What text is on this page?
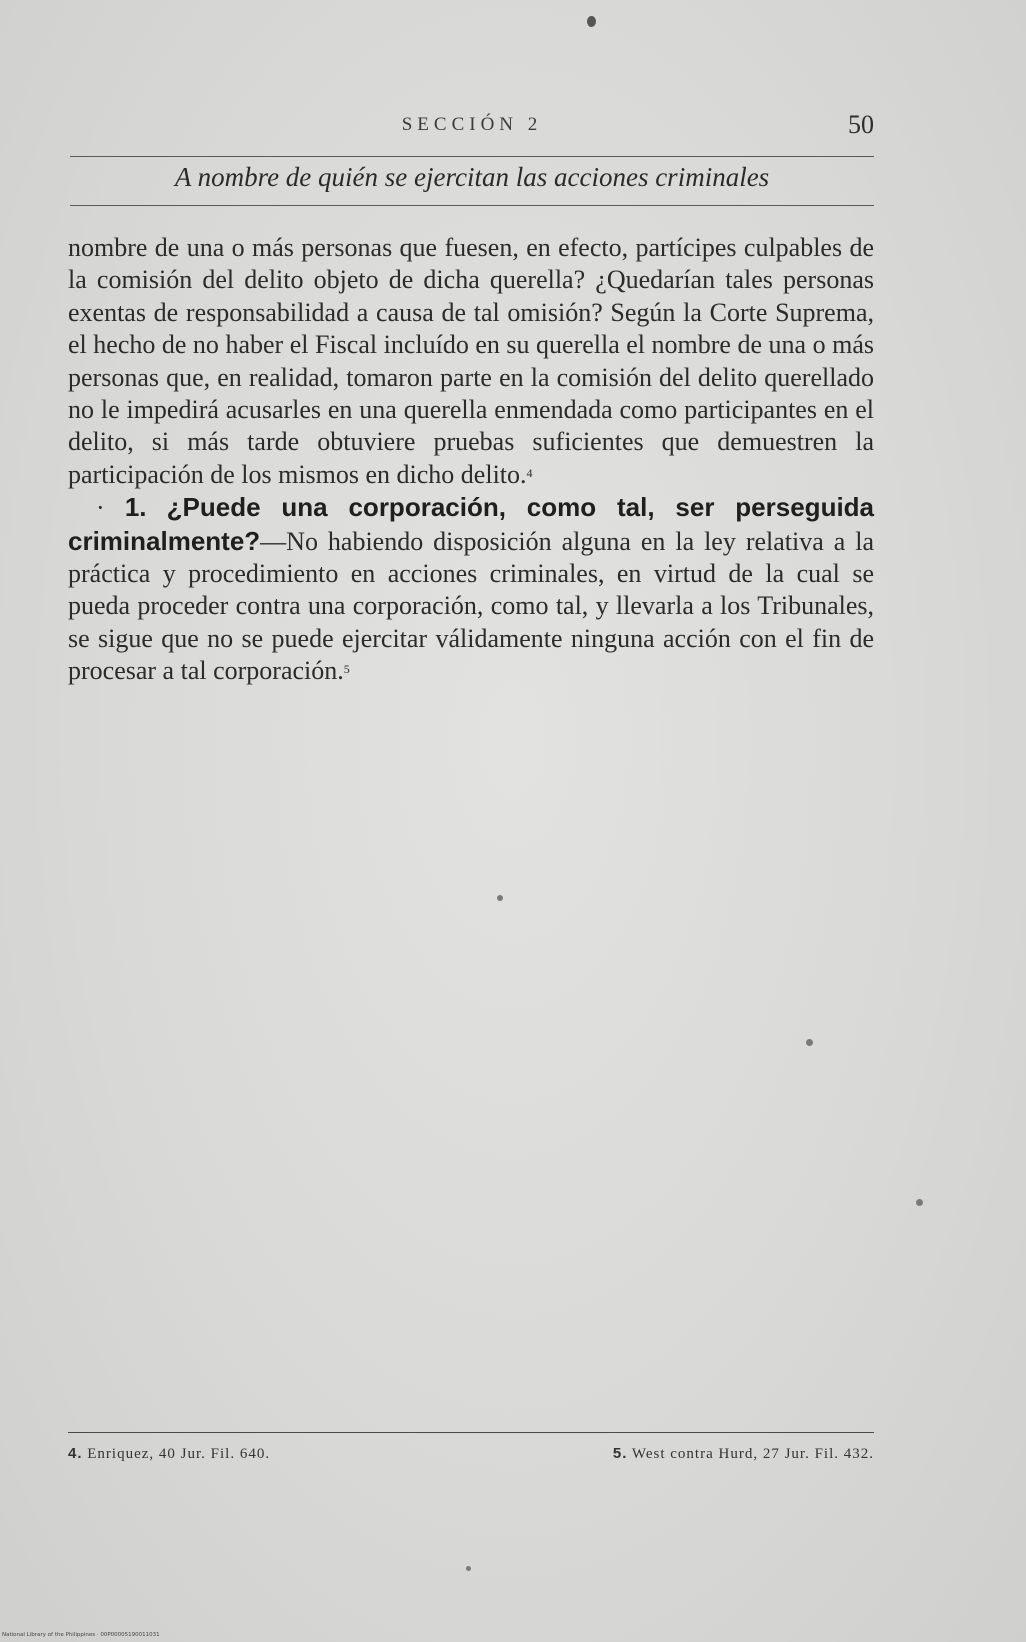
SECCIÓN 2	50
A nombre de quién se ejercitan las acciones criminales

nombre de una o más personas que fuesen, en efecto, partícipes culpables de la comisión del delito objeto de dicha querella? ¿Quedarían tales personas exentas de responsabilidad a causa de tal omisión? Según la Corte Suprema, el hecho de no haber el Fiscal incluído en su querella el nombre de una o más personas que, en realidad, tomaron parte en la comisión del delito querellado no le impedirá acusarles en una querella enmendada como participantes en el delito, si más tarde obtuviere pruebas suficientes que demuestren la participación de los mismos en dicho delito.$^4$

· 1. ¿Puede una corporación, como tal, ser perseguida criminalmente?—No habiendo disposición alguna en la ley relativa a la práctica y procedimiento en acciones criminales, en virtud de la cual se pueda proceder contra una corporación, como tal, y llevarla a los Tribunales, se sigue que no se puede ejercitar válidamente ninguna acción con el fin de procesar a tal corporación.$^5$

4. Enriquez, 40 Jur. Fil. 640.	5. West contra Hurd, 27 Jur. Fil. 432.
National Library of the Philippines · 00P00005190011031
